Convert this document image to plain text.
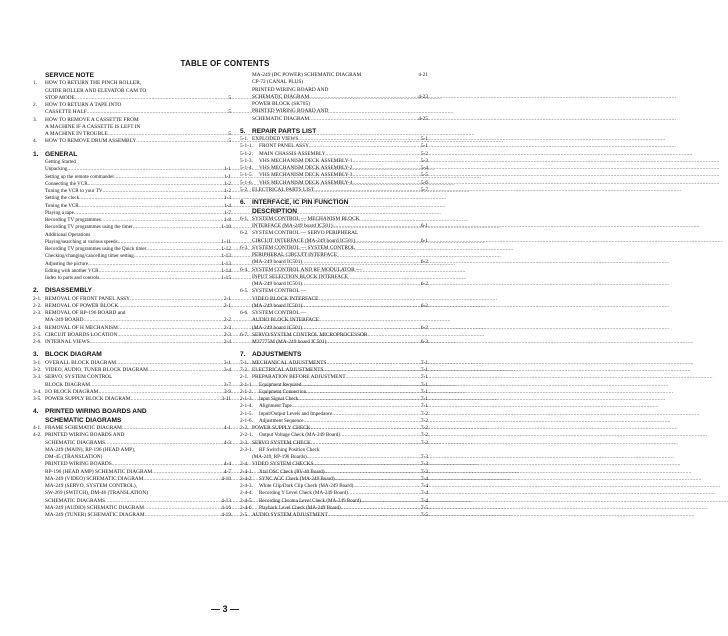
TABLE OF CONTENTS
SERVICE NOTE
1.	HOW TO RETURN THE PINCH ROLLER,
GUIDE ROLLER AND ELEVATOR CAM TO
STOP MODE .....	5
2.	HOW TO RETURN A TAPE INTO
CASSETTE HALF .....	5
3.	HOW TO REMOVE A CASSETTE FROM
A MACHINE IF A CASSETTE IS LEFT IN
A MACHINE IN TROUBLE .....	5
4.	HOW TO REMOVE DRUM ASSEMBLY .....	5
1. GENERAL
Getting Started
Unpacking .....	1-1
Setting up the remote commander .....	1-1
Connecting the VCR .....	1-2
Tuning the VCR to your TV .....	1-2
Setting the clock .....	1-3
Tuning the VCR .....	1-4
Playing a tape .....	1-7
Recording TV programmes .....	1-8
Recording TV programmes using the timer .....	1-10
Additional Operations
Playing/searching at various speeds .....	1-11
Recording TV programmes using the Quick timer .....	1-12
Checking/changing/cancelling timer setting .....	1-13
Adjusting the picture .....	1-13
Editing with another VCR .....	1-14
Index to parts and controls .....	1-15
2. DISASSEMBLY
2-1. REMOVAL OF FRONT PANEL ASSY .....	2-1
2-2. REMOVAL OF POWER BLOCK .....	2-1
2-3. REMOVAL OF RP-196 BOARD and
MA-249 BOARD .....	2-2
2-4. REMOVAL OF H MECHANISM .....	2-3
2-5. CIRCUIT BOARDS LOCATION .....	2-3
2-6. INTERNAL VIEWS .....	2-4
3. BLOCK DIAGRAM
3-1. OVERALL BLOCK DIAGRAM .....	3-1
3-2. VIDEO, AUDIO, TUNER BLOCK DIAGRAM .....	3-4
3-3. SERVO, SYSTEM CONTROL
BLOCK DIAGRAM .....	3-7
3-4. I/O BLOCK DIAGRAM .....	3-9
3-5. POWER SUPPLY BLOCK DIAGRAM .....	3-11
4. PRINTED WIRING BOARDS AND
SCHEMATIC DIAGRAMS
4-1. FRAME SCHEMATIC DIAGRAM .....	4-1
4-2. PRINTED WIRING BOARDS AND
SCHEMATIC DIAGRAMS .....	4-3
MA-249 (MAIN), RP-196 (HEAD AMP),
DM-45 (TRANSLATION)
PRINTED WIRING BOARDS .....	4-4
RP-196 (HEAD AMP) SCHEMATIC DIAGRAM .....	4-7
MA-249 (VIDEO) SCHEMATIC DIAGRAM .....	4-10
MA-249 (SERVO, SYSTEM CONTROL),
SW-269 (SWITCH), DM-46 (TRANSLATION)
SCHEMATIC DIAGRAMS .....	4-13
MA-249 (AUDIO) SCHEMATIC DIAGRAM .....	4-16
MA-249 (TUNER) SCHEMATIC DIAGRAM .....	4-19
MA-249 (DC POWER) SCHEMATIC DIAGRAM	4-21
CP-72 (CANAL PLUS)
PRINTED WIRING BOARD AND
SCHEMATIC DIAGRAM .....	4-23
POWER BLOCK (SK705)
PRINTED WIRING BOARD AND
SCHEMATIC DIAGRAM .....	4-25
5. REPAIR PARTS LIST
5-1. EXPLODED VIEWS .....	5-1
5-1-1.	FRONT PANEL ASSY .....	5-1
5-1-2.	MAIN CHASSIS ASSEMBLY .....	5-2
5-1-3.	VHS MECHANISM DECK ASSEMBLY-1 .....	5-3
5-1-4.	VHS MECHANISM DECK ASSEMBLY-2 .....	5-4
5-1-5.	VHS MECHANISM DECK ASSEMBLY-3 .....	5-5
5-1-6.	VHS MECHANISM DECK ASSEMBLY-4 .....	5-6
5-2. ELECTRICAL PARTS LIST .....	5-7
6. INTERFACE, IC PIN FUNCTION
DESCRIPTION
6-1. SYSTEM CONTROL — MECHANISM BLOCK
INTERFACE (MA-249 board IC501) .....	6-1
6-2. SYSTEM CONTROL — SERVO PERIPHERAL
CIRCUIT INTERFACE (MA-249 board IC501) .....	6-1
6-3. SYSTEM CONTROL — SYSTEM CONTROL
PERIPHERAL CIRCUIT INTERFACE
(MA-249 board IC501) .....	6-2
6-4. SYSTEM CONTROL AND RF MODULATOR —
INPUT SELECTION BLOCK INTERFACE
(MA-249 board IC501) .....	6-2
6-5. SYSTEM CONTROL —
VIDEO BLOCK INTERFACE
(MA-249 board IC501) .....	6-2
6-6. SYSTEM CONTROL —
AUDIO BLOCK INTERFACE
(MA-249 board IC501) .....	6-2
6-7. SERVO/SYSTEM CONTROL MICROPROCESSOR
M37775M (MA-249 board IC501) .....	6-3
7. ADJUSTMENTS
7-1. MECHANICAL ADJUSTMENTS .....	7-1
7-2. ELECTRICAL ADJUSTMENTS .....	7-1
2-1. PREPARATION BEFORE ADJUSTMENT .....	7-1
2-1-1.	Equipment Required .....	7-1
2-1-2.	Equipment Connection .....	7-1
2-1-3.	Input Signal Check .....	7-1
2-1-4.	Alignment Tape .....	7-1
2-1-5.	Input/Output Levels and Impedance .....	7-2
2-1-6.	Adjustment Sequence .....	7-2
2-2. POWER SUPPLY CHECK .....	7-2
2-2-1.	Output Voltage Check (MA-249 Board) .....	7-2
2-3. SERVO SYSTEM CHECK .....	7-3
2-3-1.	RF Switching Position Check
(MA-249, RP-196 Boards) .....	7-3
2-4. VIDEO SYSTEM CHECKS .....	7-3
2-4-1.	Xtal OSC Check (RV-40 Board) .....	7-3
2-4-2.	SYNC AGC Check (MA-249 Board) .....	7-4
2-4-3.	White Clip/Dark Clip Check (MA-249 Board) .....	7-4
2-4-4.	Recording Y Level Check (MA-249 Board) .....	7-4
2-4-5.	Recording Chroma Level Check (MA-249 Board) .....	7-4
2-4-6.	Playback Level Check (MA-249 Board) .....	7-5
2-5. AUDIO SYSTEM ADJUSTMENT .....	7-5
— 3 —
